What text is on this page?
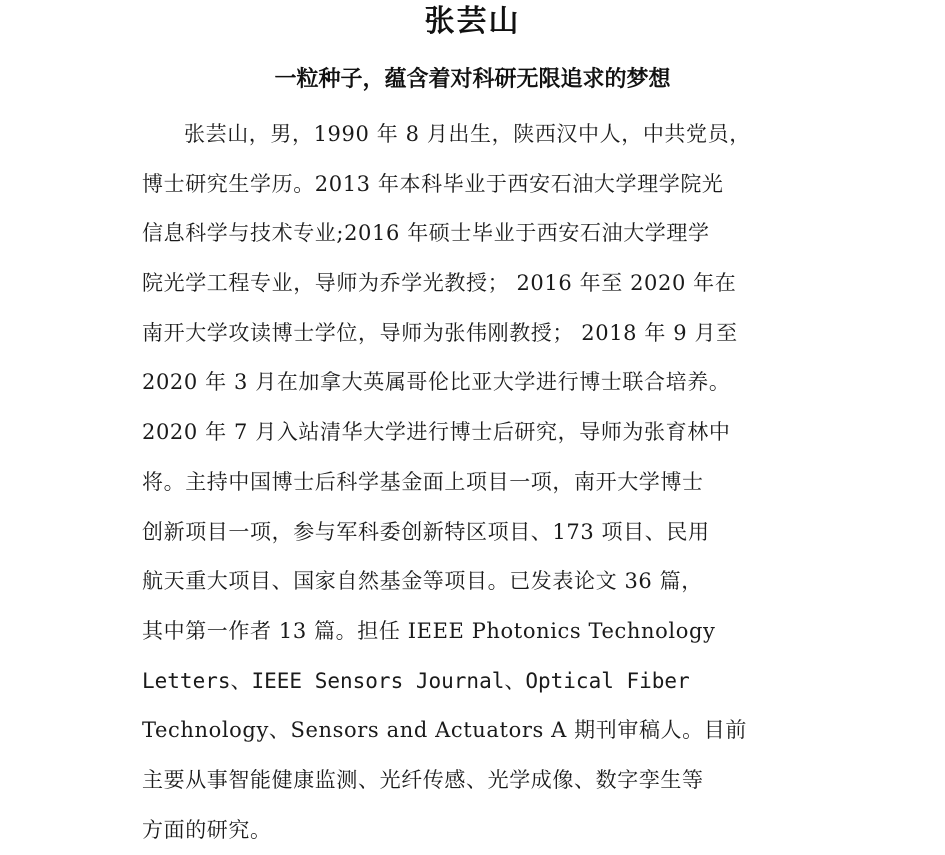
张芸山
一粒种子，蕴含着对科研无限追求的梦想
张芸山，男，1990 年 8 月出生，陕西汉中人，中共党员，
博士研究生学历。2013 年本科毕业于西安石油大学理学院光
信息科学与技术专业;2016 年硕士毕业于西安石油大学理学
院光学工程专业，导师为乔学光教授； 2016 年至 2020 年在
南开大学攻读博士学位，导师为张伟刚教授； 2018 年 9 月至
2020 年 3 月在加拿大英属哥伦比亚大学进行博士联合培养。
2020 年 7 月入站清华大学进行博士后研究，导师为张育林中
将。主持中国博士后科学基金面上项目一项，南开大学博士
创新项目一项，参与军科委创新特区项目、173 项目、民用
航天重大项目、国家自然基金等项目。已发表论文 36 篇，
其中第一作者 13 篇。担任 IEEE Photonics Technology
Letters、IEEE Sensors Journal、Optical Fiber
Technology、Sensors and Actuators A 期刊审稿人。目前
主要从事智能健康监测、光纤传感、光学成像、数字孪生等
方面的研究。
